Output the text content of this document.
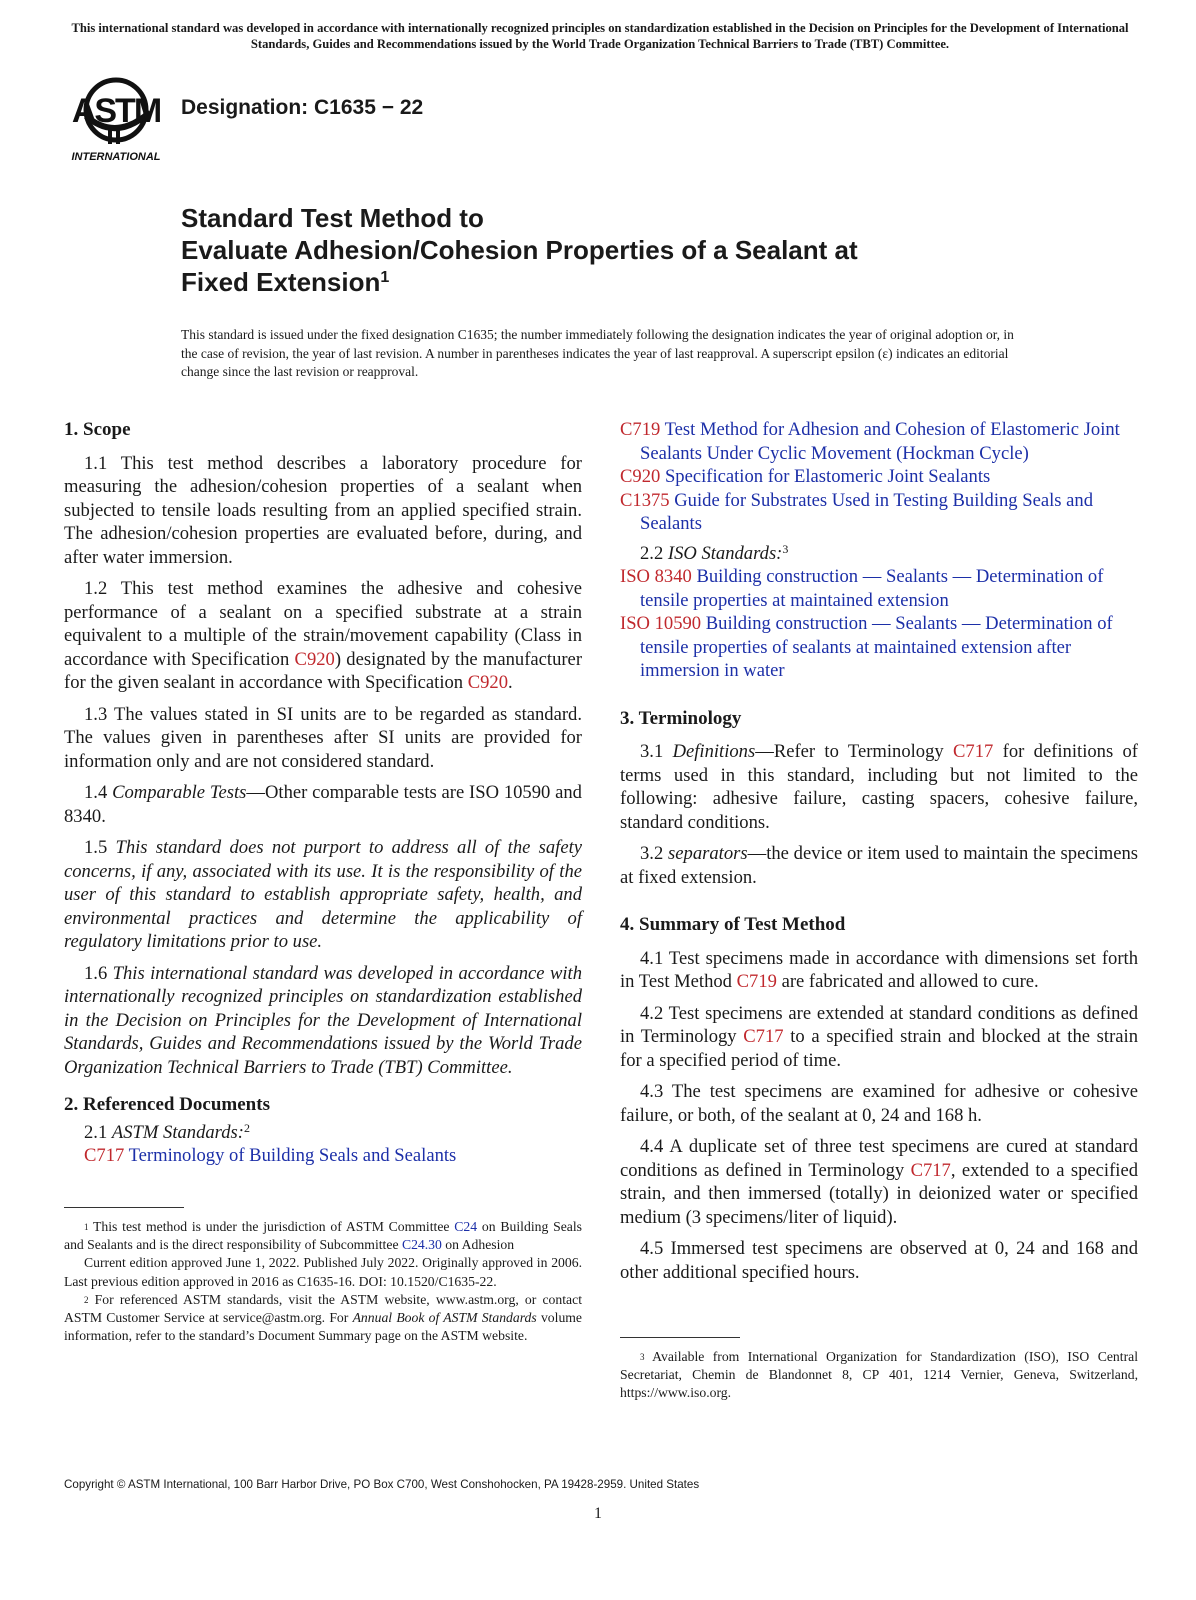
This international standard was developed in accordance with internationally recognized principles on standardization established in the Decision on Principles for the Development of International Standards, Guides and Recommendations issued by the World Trade Organization Technical Barriers to Trade (TBT) Committee.
ASTM
INTERNATIONAL
Designation: C1635 − 22
Standard Test Method to
Evaluate Adhesion/Cohesion Properties of a Sealant at
Fixed Extension$^1$
This standard is issued under the fixed designation C1635; the number immediately following the designation indicates the year of original adoption or, in the case of revision, the year of last revision. A number in parentheses indicates the year of last reapproval. A superscript epsilon (ε) indicates an editorial change since the last revision or reapproval.
1. Scope

1.1 This test method describes a laboratory procedure for measuring the adhesion/cohesion properties of a sealant when subjected to tensile loads resulting from an applied specified strain. The adhesion/cohesion properties are evaluated before, during, and after water immersion.

1.2 This test method examines the adhesive and cohesive performance of a sealant on a specified substrate at a strain equivalent to a multiple of the strain/movement capability (Class in accordance with Specification C920) designated by the manufacturer for the given sealant in accordance with Specification C920.

1.3 The values stated in SI units are to be regarded as standard. The values given in parentheses after SI units are provided for information only and are not considered standard.

1.4 Comparable Tests—Other comparable tests are ISO 10590 and 8340.

1.5 This standard does not purport to address all of the safety concerns, if any, associated with its use. It is the responsibility of the user of this standard to establish appropriate safety, health, and environmental practices and determine the applicability of regulatory limitations prior to use.

1.6 This international standard was developed in accordance with internationally recognized principles on standardization established in the Decision on Principles for the Development of International Standards, Guides and Recommendations issued by the World Trade Organization Technical Barriers to Trade (TBT) Committee.

2. Referenced Documents

2.1 ASTM Standards:$^2$

C717 Terminology of Building Seals and Sealants

C719 Test Method for Adhesion and Cohesion of Elastomeric Joint Sealants Under Cyclic Movement (Hockman Cycle)

C920 Specification for Elastomeric Joint Sealants

C1375 Guide for Substrates Used in Testing Building Seals and Sealants

2.2 ISO Standards:$^3$

ISO 8340 Building construction — Sealants — Determination of tensile properties at maintained extension

ISO 10590 Building construction — Sealants — Determination of tensile properties of sealants at maintained extension after immersion in water

3. Terminology

3.1 Definitions—Refer to Terminology C717 for definitions of terms used in this standard, including but not limited to the following: adhesive failure, casting spacers, cohesive failure, standard conditions.

3.2 separators—the device or item used to maintain the specimens at fixed extension.

4. Summary of Test Method

4.1 Test specimens made in accordance with dimensions set forth in Test Method C719 are fabricated and allowed to cure.

4.2 Test specimens are extended at standard conditions as defined in Terminology C717 to a specified strain and blocked at the strain for a specified period of time.

4.3 The test specimens are examined for adhesive or cohesive failure, or both, of the sealant at 0, 24 and 168 h.

4.4 A duplicate set of three test specimens are cured at standard conditions as defined in Terminology C717, extended to a specified strain, and then immersed (totally) in deionized water or specified medium (3 specimens/liter of liquid).

4.5 Immersed test specimens are observed at 0, 24 and 168 and other additional specified hours.

$^1$ This test method is under the jurisdiction of ASTM Committee C24 on Building Seals and Sealants and is the direct responsibility of Subcommittee C24.30 on Adhesion

Current edition approved June 1, 2022. Published July 2022. Originally approved in 2006. Last previous edition approved in 2016 as C1635-16. DOI: 10.1520/C1635-22.

$^2$ For referenced ASTM standards, visit the ASTM website, www.astm.org, or contact ASTM Customer Service at service@astm.org. For Annual Book of ASTM Standards volume information, refer to the standard’s Document Summary page on the ASTM website.

$^3$ Available from International Organization for Standardization (ISO), ISO Central Secretariat, Chemin de Blandonnet 8, CP 401, 1214 Vernier, Geneva, Switzerland, https://www.iso.org.

Copyright © ASTM International, 100 Barr Harbor Drive, PO Box C700, West Conshohocken, PA 19428-2959. United States
1
